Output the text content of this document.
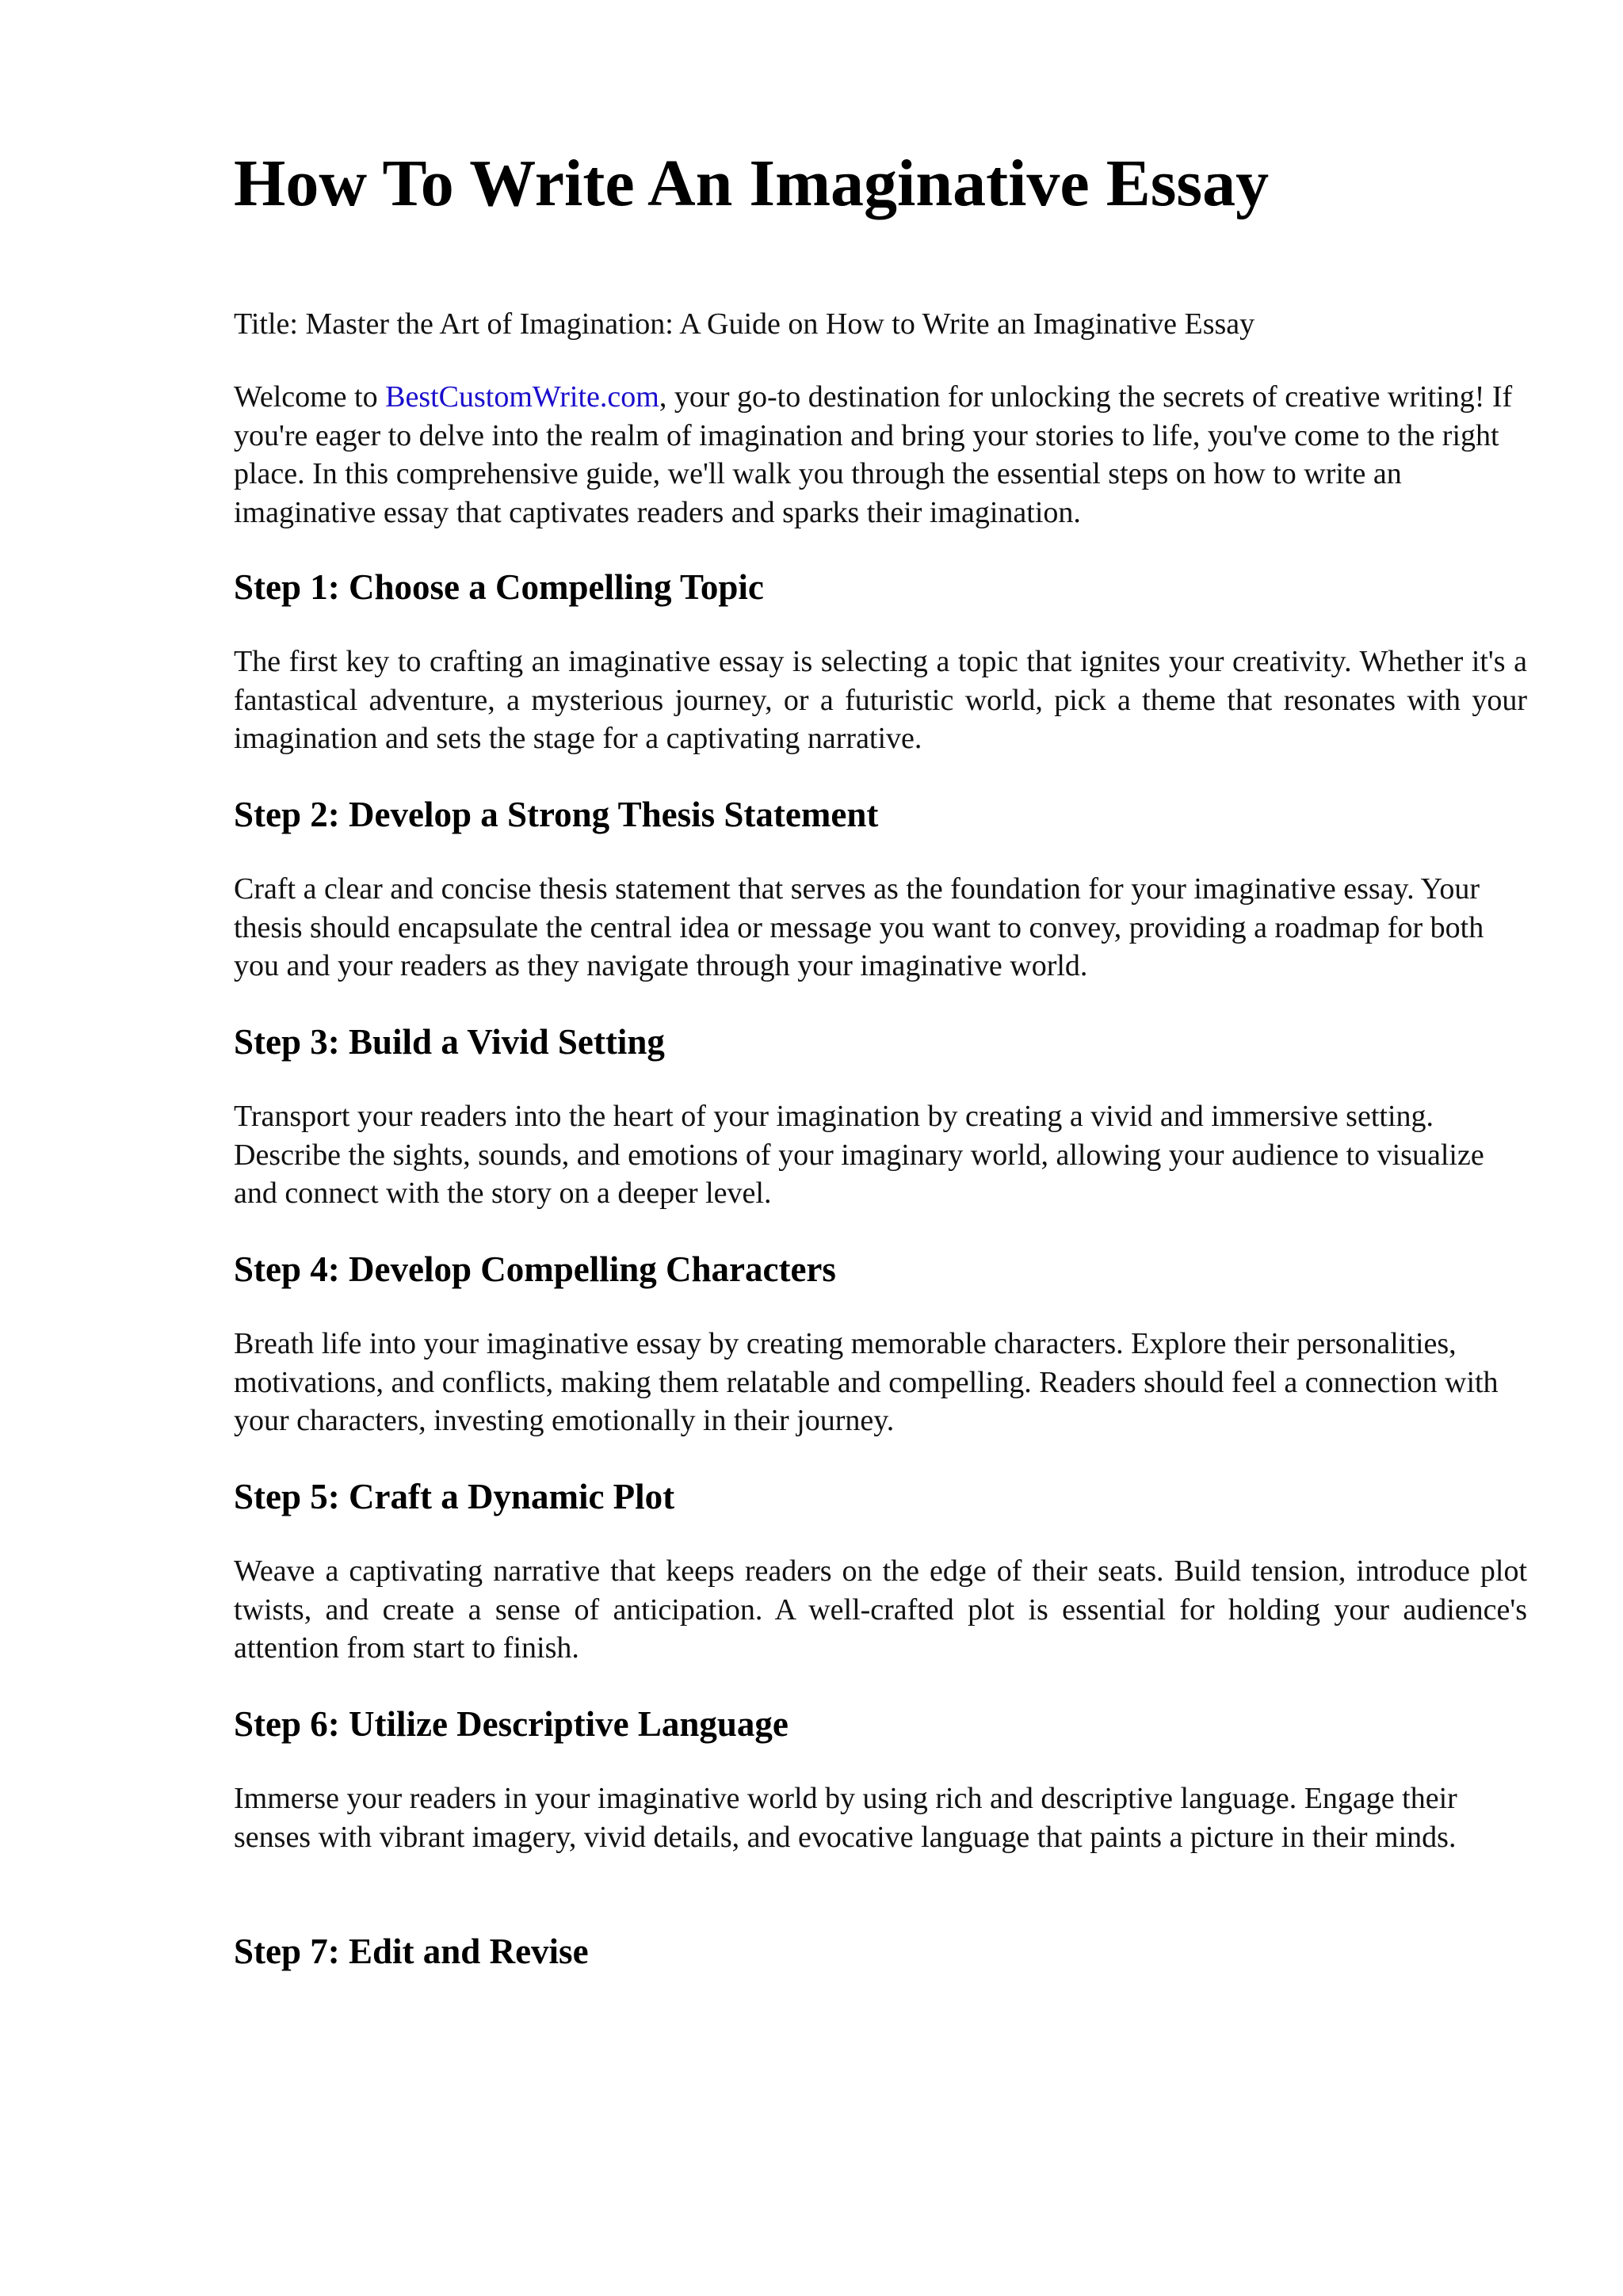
How To Write An Imaginative Essay

Title: Master the Art of Imagination: A Guide on How to Write an Imaginative Essay

Welcome to BestCustomWrite.com, your go-to destination for unlocking the secrets of creative writing! If you're eager to delve into the realm of imagination and bring your stories to life, you've come to the right place. In this comprehensive guide, we'll walk you through the essential steps on how to write an imaginative essay that captivates readers and sparks their imagination.

Step 1: Choose a Compelling Topic

The first key to crafting an imaginative essay is selecting a topic that ignites your creativity. Whether it's a fantastical adventure, a mysterious journey, or a futuristic world, pick a theme that resonates with your imagination and sets the stage for a captivating narrative.

Step 2: Develop a Strong Thesis Statement

Craft a clear and concise thesis statement that serves as the foundation for your imaginative essay. Your thesis should encapsulate the central idea or message you want to convey, providing a roadmap for both you and your readers as they navigate through your imaginative world.

Step 3: Build a Vivid Setting

Transport your readers into the heart of your imagination by creating a vivid and immersive setting. Describe the sights, sounds, and emotions of your imaginary world, allowing your audience to visualize and connect with the story on a deeper level.

Step 4: Develop Compelling Characters

Breath life into your imaginative essay by creating memorable characters. Explore their personalities, motivations, and conflicts, making them relatable and compelling. Readers should feel a connection with your characters, investing emotionally in their journey.

Step 5: Craft a Dynamic Plot

Weave a captivating narrative that keeps readers on the edge of their seats. Build tension, introduce plot twists, and create a sense of anticipation. A well-crafted plot is essential for holding your audience's attention from start to finish.

Step 6: Utilize Descriptive Language

Immerse your readers in your imaginative world by using rich and descriptive language. Engage their senses with vibrant imagery, vivid details, and evocative language that paints a picture in their minds.

Step 7: Edit and Revise
